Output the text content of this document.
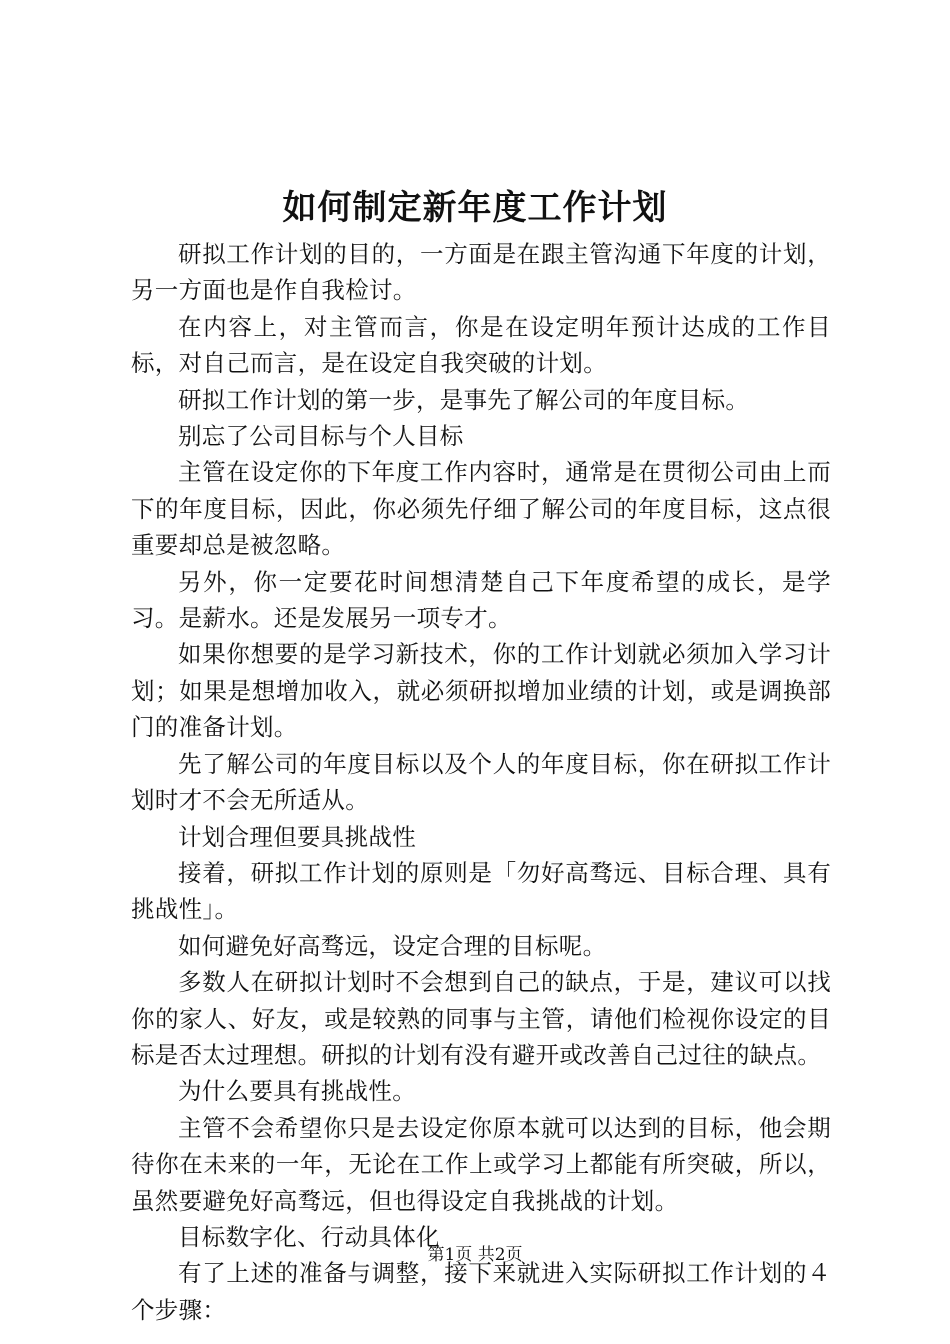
如何制定新年度工作计划

研拟工作计划的目的，一方面是在跟主管沟通下年度的计划，另一方面也是作自我检讨。

在内容上，对主管而言，你是在设定明年预计达成的工作目标，对自己而言，是在设定自我突破的计划。

研拟工作计划的第一步，是事先了解公司的年度目标。

别忘了公司目标与个人目标

主管在设定你的下年度工作内容时，通常是在贯彻公司由上而下的年度目标，因此，你必须先仔细了解公司的年度目标，这点很重要却总是被忽略。

另外，你一定要花时间想清楚自己下年度希望的成长，是学习。是薪水。还是发展另一项专才。

如果你想要的是学习新技术，你的工作计划就必须加入学习计划；如果是想增加收入，就必须研拟增加业绩的计划，或是调换部门的准备计划。

先了解公司的年度目标以及个人的年度目标，你在研拟工作计划时才不会无所适从。

计划合理但要具挑战性

接着，研拟工作计划的原则是「勿好高骛远、目标合理、具有挑战性」。

如何避免好高骛远，设定合理的目标呢。

多数人在研拟计划时不会想到自己的缺点，于是，建议可以找你的家人、好友，或是较熟的同事与主管，请他们检视你设定的目标是否太过理想。研拟的计划有没有避开或改善自己过往的缺点。

为什么要具有挑战性。

主管不会希望你只是去设定你原本就可以达到的目标，他会期待你在未来的一年，无论在工作上或学习上都能有所突破，所以，虽然要避免好高骛远，但也得设定自我挑战的计划。

目标数字化、行动具体化

有了上述的准备与调整，接下来就进入实际研拟工作计划的４个步骤：

第1页 共2页
